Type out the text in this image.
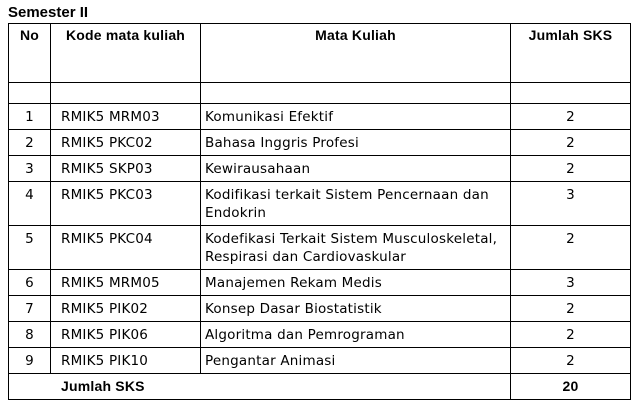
Semester II
No	Kode mata kuliah	Mata Kuliah	Jumlah SKS

1	RMIK5 MRM03	Komunikasi Efektif	2
2	RMIK5 PKC02	Bahasa Inggris Profesi	2
3	RMIK5 SKP03	Kewirausahaan	2
4	RMIK5 PKC03	Kodifikasi terkait Sistem Pencernaan dan Endokrin	3
5	RMIK5 PKC04	Kodefikasi Terkait Sistem Musculoskeletal, Respirasi dan Cardiovaskular	2
6	RMIK5 MRM05	Manajemen Rekam Medis	3
7	RMIK5 PIK02	Konsep Dasar Biostatistik	2
8	RMIK5 PIK06	Algoritma dan Pemrograman	2
9	RMIK5 PIK10	Pengantar Animasi	2
Jumlah SKS			20
